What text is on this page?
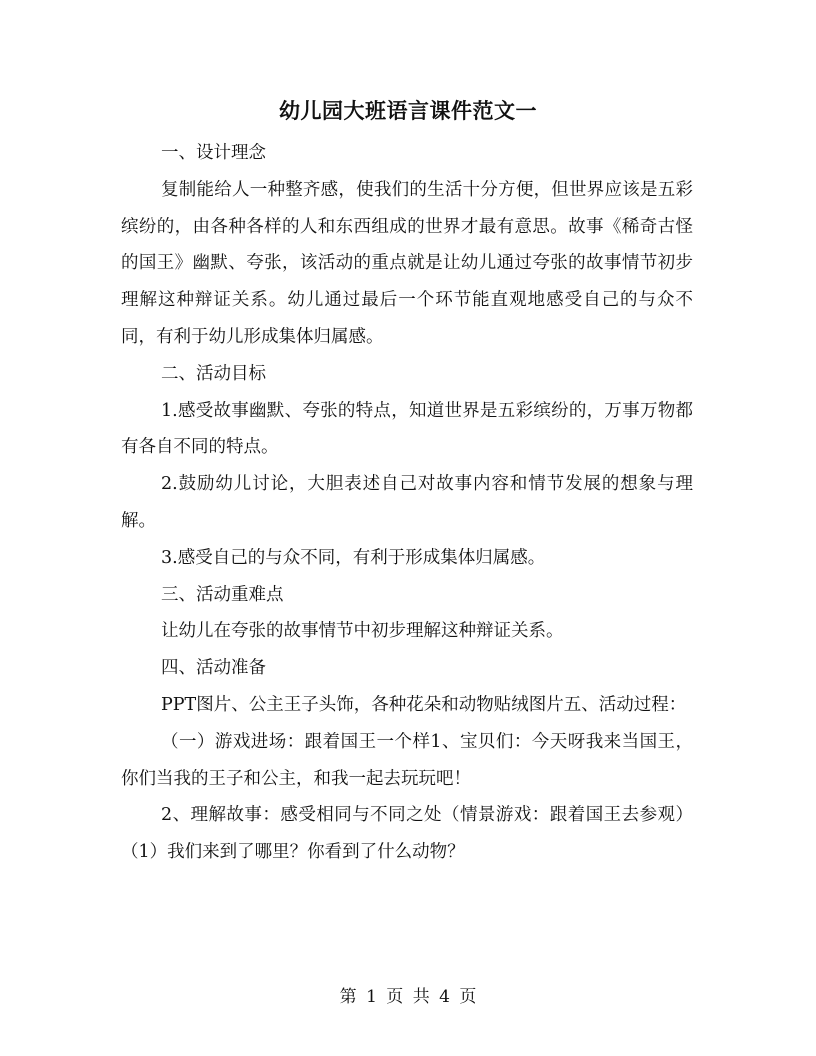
幼儿园大班语言课件范文一

一、设计理念

复制能给人一种整齐感，使我们的生活十分方便，但世界应该是五彩缤纷的，由各种各样的人和东西组成的世界才最有意思。故事《稀奇古怪的国王》幽默、夸张，该活动的重点就是让幼儿通过夸张的故事情节初步理解这种辩证关系。幼儿通过最后一个环节能直观地感受自己的与众不同，有利于幼儿形成集体归属感。

二、活动目标

1.感受故事幽默、夸张的特点，知道世界是五彩缤纷的，万事万物都有各自不同的特点。

2.鼓励幼儿讨论，大胆表述自己对故事内容和情节发展的想象与理解。

3.感受自己的与众不同，有利于形成集体归属感。

三、活动重难点

让幼儿在夸张的故事情节中初步理解这种辩证关系。

四、活动准备

PPT图片、公主王子头饰，各种花朵和动物贴绒图片五、活动过程：

（一）游戏进场：跟着国王一个样1、宝贝们：今天呀我来当国王，你们当我的王子和公主，和我一起去玩玩吧！

2、理解故事：感受相同与不同之处（情景游戏：跟着国王去参观）（1）我们来到了哪里？你看到了什么动物？

第 1 页 共 4 页
